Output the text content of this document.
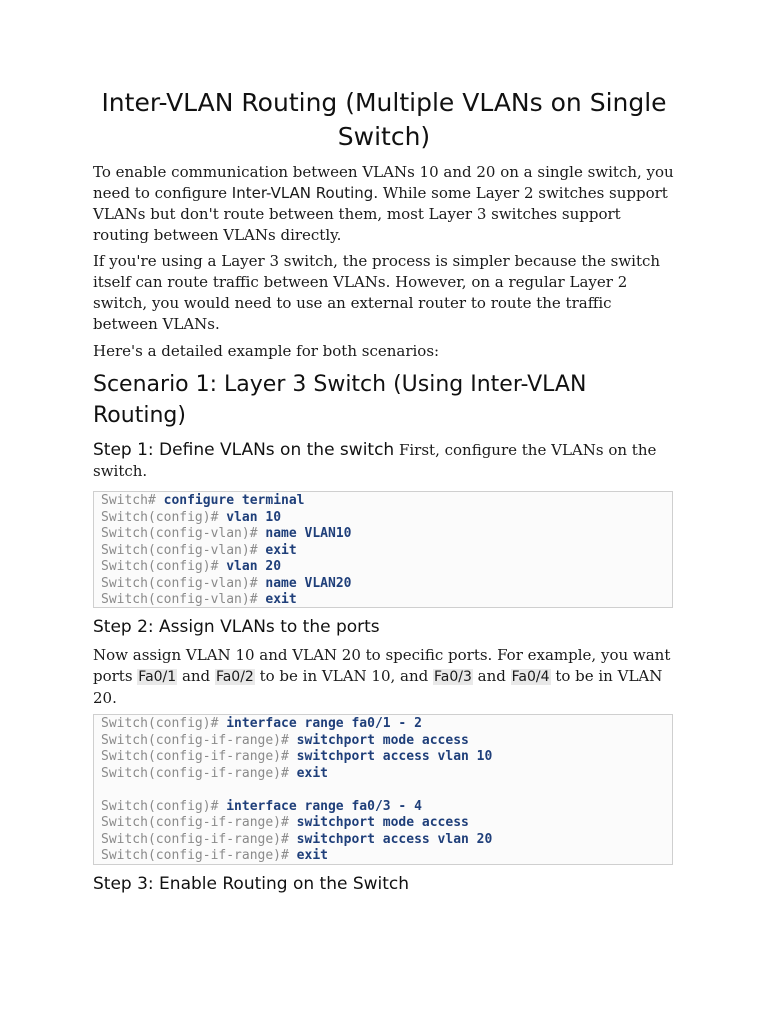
Inter-VLAN Routing (Multiple VLANs on Single Switch)

To enable communication between VLANs 10 and 20 on a single switch, you need to configure Inter-VLAN Routing. While some Layer 2 switches support VLANs but don't route between them, most Layer 3 switches support routing between VLANs directly.

If you're using a Layer 3 switch, the process is simpler because the switch itself can route traffic between VLANs. However, on a regular Layer 2 switch, you would need to use an external router to route the traffic between VLANs.

Here's a detailed example for both scenarios:

Scenario 1: Layer 3 Switch (Using Inter-VLAN Routing)

Step 1: Define VLANs on the switch First, configure the VLANs on the switch.

Switch# configure terminal
Switch(config)# vlan 10
Switch(config-vlan)# name VLAN10
Switch(config-vlan)# exit
Switch(config)# vlan 20
Switch(config-vlan)# name VLAN20
Switch(config-vlan)# exit
Step 2: Assign VLANs to the ports

Now assign VLAN 10 and VLAN 20 to specific ports. For example, you want ports Fa0/1 and Fa0/2 to be in VLAN 10, and Fa0/3 and Fa0/4 to be in VLAN 20.

Switch(config)# interface range fa0/1 - 2
Switch(config-if-range)# switchport mode access
Switch(config-if-range)# switchport access vlan 10
Switch(config-if-range)# exit
Switch(config)# interface range fa0/3 - 4
Switch(config-if-range)# switchport mode access
Switch(config-if-range)# switchport access vlan 20
Switch(config-if-range)# exit
Step 3: Enable Routing on the Switch
